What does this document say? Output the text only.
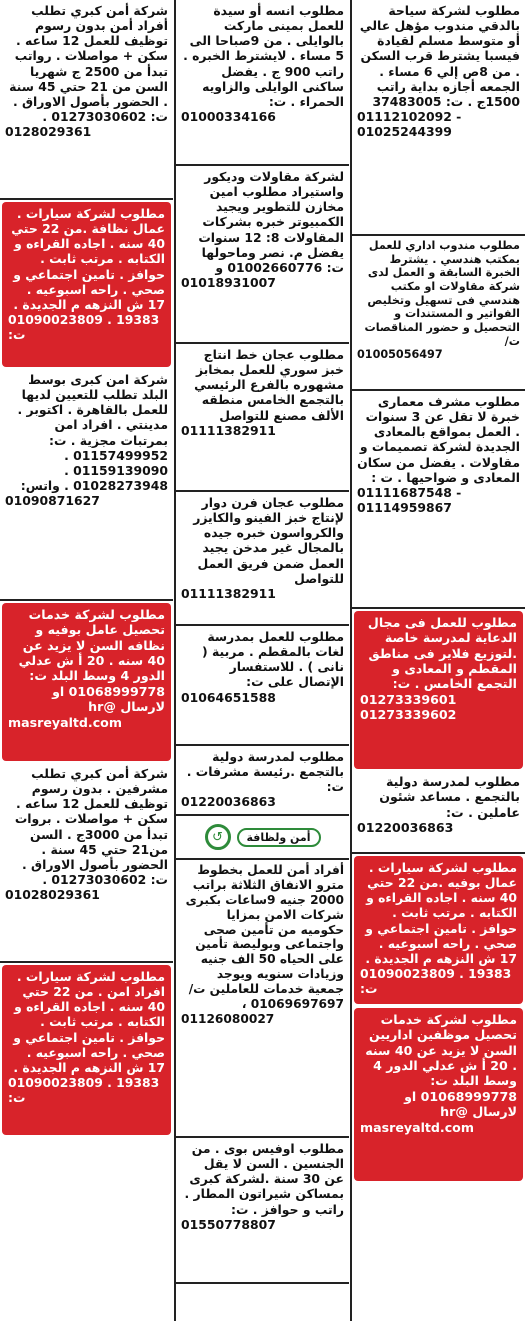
مطلوب لشركة سياحة بالدقي مندوب مؤهل عالي أو متوسط مسلم لقيادة فيسبا يشترط قرب السكن . من 8ص إلي 6 مساء . الجمعه أجازه بداية راتب 1500ج . ت: 37483005
01112102092 -
01025244399
مطلوب مندوب اداري للعمل بمكتب هندسي . يشترط الخبرة السابقة و العمل لدى شركة مقاولات او مكتب هندسي فى تسهيل وتخليص الفواتير و المستندات و التحصيل و حضور المناقصات ت/
01005056497
مطلوب مشرف معمارى خبرة لا تقل عن 3 سنوات . العمل بمواقع بالمعادى الجديدة لشركة تصميمات و مقاولات . يفضل من سكان المعادى و ضواحيها . ت :
01111687548 -
01114959867
مطلوب للعمل فى مجال الدعاية لمدرسة خاصة .لتوزيع فلاير فى مناطق المقطم و المعادى و التجمع الخامس . ت:
01273339601
01273339602
مطلوب لمدرسة دولية بالتجمع . مساعد شئون عاملين . ت:
01220036863
مطلوب لشركة سيارات . عمال بوفيه .من 22 حتي 40 سنه . اجاده القراءه و الكتابه . مرتب ثابت . حوافز . تامين اجتماعي و صحي . راحه اسبوعيه . 17 ش النزهه م الجديدة .
01090023809 . 19383 :ت
مطلوب لشركة خدمات تحصيل موظفين اداريين السن لا يزيد عن 40 سنه . 20 أ ش عدلي الدور 4 وسط البلد ت: 01068999778 او لارسال @hr
masreyaltd.com
مطلوب انسه أو سيدة للعمل بمينى ماركت بالوايلى . من 9صباحا الى 5 مساء . لايشترط الخبره . راتب 900 ج . يفضل ساكنى الوايلى والزاويه الحمراء . ت:
01000334166
لشركة مقاولات وديكور واستيراد مطلوب امين مخازن للتطوير ويجيد الكمبيوتر خبره بشركات المقاولات 8: 12 سنوات يفضل م. نصر وماحولها ت: 01002660776 و
01018931007
مطلوب عجان خط انتاج خبز سوري للعمل بمخابز مشهوره بالفرع الرئيسي بالتجمع الخامس منطقه الألف مصنع للتواصل
01111382911
مطلوب عجان فرن دوار لإنتاج خبز الفينو والكايزر والكرواسون خبره جيده بالمجال غير مدخن يجيد العمل ضمن فريق العمل للتواصل
01111382911
مطلوب للعمل بمدرسة لغات بالمقطم . مربية ( نانى ) . للاستفسار الإتصال على ت:
01064651588
مطلوب لمدرسة دولية بالتجمع .رئيسة مشرفات . ت:
01220036863
أمن ولظافة
↺
أفراد أمن للعمل بخطوط مترو الانفاق الثلاثة براتب 2000 جنيه 9ساعات بكبرى شركات الامن بمزايا حكوميه من تأمين صحى واجتماعى وبوليصة تأمين على الحياه 50 الف جنيه وزيادات سنويه ويوجد جمعية خدمات للعاملين ت/ 01069697697 ،
01126080027
مطلوب اوفيس بوى . من الجنسين . السن لا يقل عن 30 سنة .لشركة كبرى بمساكن شيراتون المطار . راتب و حوافز . ت:
01550778807
شركة أمن كبري تطلب أفراد أمن بدون رسوم توظيف للعمل 12 ساعه . سكن + مواصلات . رواتب تبدأ من 2500 ج شهريا السن من 21 حتي 45 سنة . الحضور بأصول الاوراق . ت: 01273030602 .
0128029361
مطلوب لشركة سيارات . عمال نظافة .من 22 حتي 40 سنه . اجاده القراءه و الكتابه . مرتب ثابت . حوافز . تامين اجتماعي و صحي . راحه اسبوعيه . 17 ش النزهه م الجديدة .
01090023809 . 19383 :ت
شركة امن كبرى بوسط البلد تطلب للتعيين لديها للعمل بالقاهرة . اكتوبر . مدينتي . افراد امن بمرتبات مجزية . ت: 01157499952 . 01159139090 . 01028273948 . واتس:
01090871627
مطلوب لشركة خدمات تحصيل عامل بوفيه و نظافه السن لا يزيد عن 40 سنه . 20 أ ش عدلي الدور 4 وسط البلد ت: 01068999778 او لارسال @hr
masreyaltd.com
شركة أمن كبري تطلب مشرفين . بدون رسوم توظيف للعمل 12 ساعه . سكن + مواصلات . بروات تبدأ من 3000ج . السن من21 حتي 45 سنة . الحضور بأصول الاوراق . ت: 01273030602 .
01028029361
مطلوب لشركة سيارات . افراد امن . من 22 حتي 40 سنه . اجاده القراءه و الكتابه . مرتب ثابت . حوافز . تامين اجتماعي و صحي . راحه اسبوعيه . 17 ش النزهه م الجديدة .
01090023809 . 19383 :ت
